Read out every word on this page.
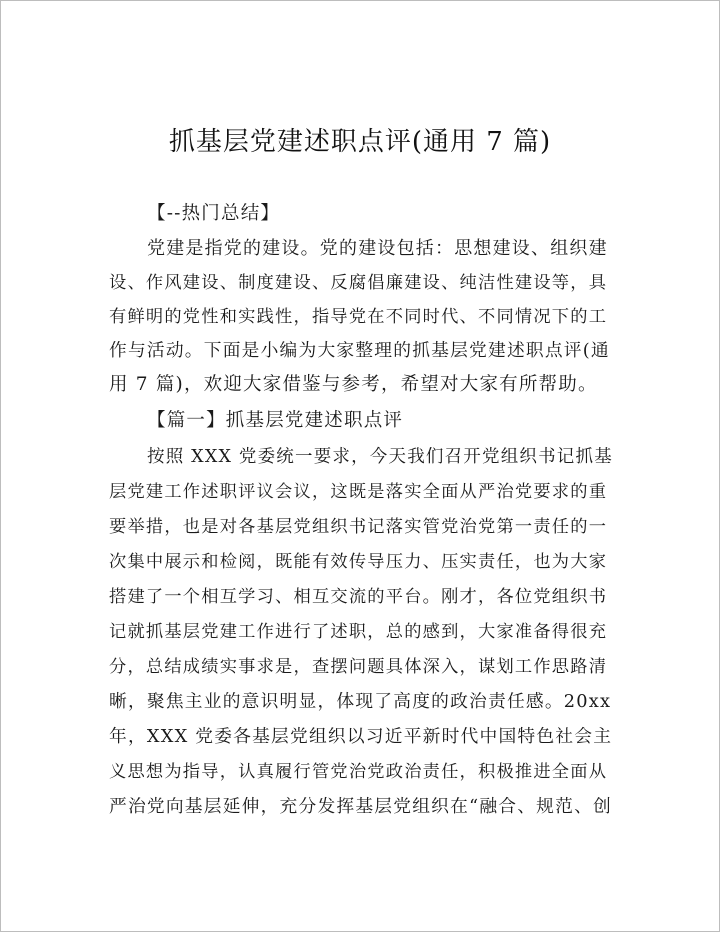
抓基层党建述职点评(通用 7 篇)
【--热门总结】
党建是指党的建设。党的建设包括：思想建设、组织建
设、作风建设、制度建设、反腐倡廉建设、纯洁性建设等，具
有鲜明的党性和实践性，指导党在不同时代、不同情况下的工
作与活动。下面是小编为大家整理的抓基层党建述职点评(通
用 7 篇)，欢迎大家借鉴与参考，希望对大家有所帮助。
【篇一】抓基层党建述职点评
按照 XXX 党委统一要求，今天我们召开党组织书记抓基
层党建工作述职评议会议，这既是落实全面从严治党要求的重
要举措，也是对各基层党组织书记落实管党治党第一责任的一
次集中展示和检阅，既能有效传导压力、压实责任，也为大家
搭建了一个相互学习、相互交流的平台。刚才，各位党组织书
记就抓基层党建工作进行了述职，总的感到，大家准备得很充
分，总结成绩实事求是，查摆问题具体深入，谋划工作思路清
晰，聚焦主业的意识明显，体现了高度的政治责任感。20xx
年，XXX 党委各基层党组织以习近平新时代中国特色社会主
义思想为指导，认真履行管党治党政治责任，积极推进全面从
严治党向基层延伸，充分发挥基层党组织在“融合、规范、创
